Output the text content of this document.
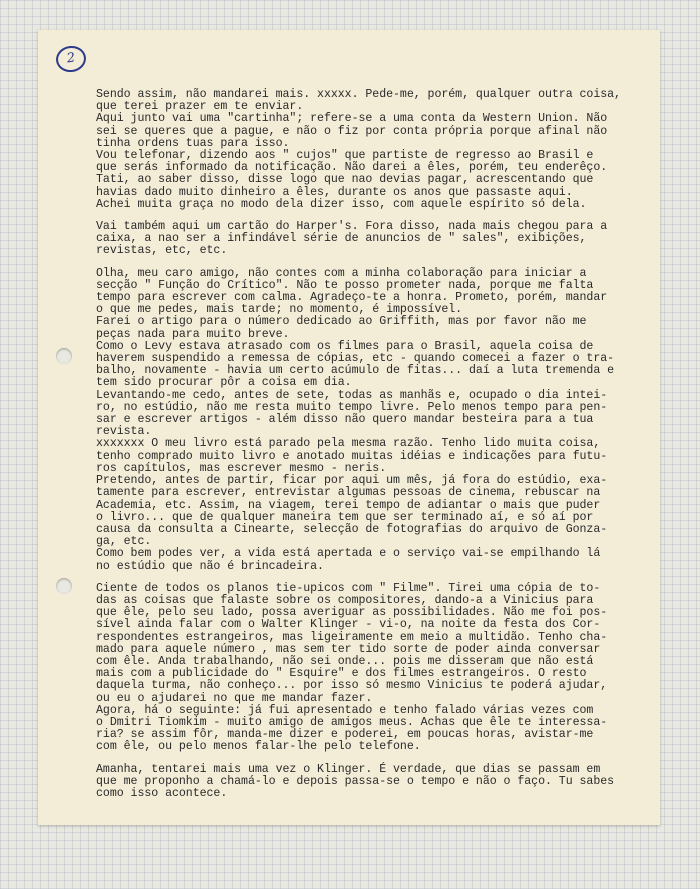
2
Sendo assim, não mandarei mais. xxxxx. Pede-me, porém, qualquer outra coisa,
que terei prazer em te enviar.
Aqui junto vai uma "cartinha"; refere-se a uma conta da Western Union. Não
sei se queres que a pague, e não o fiz por conta própria porque afinal não
tinha ordens tuas para isso.
Vou telefonar, dizendo aos " cujos" que partiste de regresso ao Brasil e
que serás informado da notificação. Não darei a êles, porém, teu enderêço.
Tati, ao saber disso, disse logo que nao devias pagar, acrescentando que
havias dado muito dinheiro a êles, durante os anos que passaste aqui.
Achei muita graça no modo dela dizer isso, com aquele espírito só dela.
Vai também aqui um cartão do Harper's. Fora disso, nada mais chegou para a
caixa, a nao ser a infindável série de anuncios de " sales", exibições,
revistas, etc, etc.
Olha, meu caro amigo, não contes com a minha colaboração para iniciar a
secção " Função do Crítico". Não te posso prometer nada, porque me falta
tempo para escrever com calma. Agradeço-te a honra. Prometo, porém, mandar
o que me pedes, mais tarde; no momento, é impossível.
Farei o artigo para o número dedicado ao Griffith, mas por favor não me
peças nada para muito breve.
Como o Levy estava atrasado com os filmes para o Brasil, aquela coisa de
haverem suspendido a remessa de cópias, etc - quando comecei a fazer o tra-
balho, novamente - havia um certo acúmulo de fitas... daí a luta tremenda e
tem sido procurar pôr a coisa em dia.
Levantando-me cedo, antes de sete, todas as manhãs e, ocupado o dia intei-
ro, no estúdio, não me resta muito tempo livre. Pelo menos tempo para pen-
sar e escrever artigos - além disso não quero mandar besteira para a tua
revista.
xxxxxxx O meu livro está parado pela mesma razão. Tenho lido muita coisa,
tenho comprado muito livro e anotado muitas idéias e indicações para futu-
ros capítulos, mas escrever mesmo - neris.
Pretendo, antes de partir, ficar por aqui um mês, já fora do estúdio, exa-
tamente para escrever, entrevistar algumas pessoas de cinema, rebuscar na
Academia, etc. Assim, na viagem, terei tempo de adiantar o mais que puder
o livro... que de qualquer maneira tem que ser terminado aí, e só aí por
causa da consulta a Cinearte, selecção de fotografias do arquivo de Gonza-
ga, etc.
Como bem podes ver, a vida está apertada e o serviço vai-se empilhando lá
no estúdio que não é brincadeira.
Ciente de todos os planos tie-upicos com " Filme". Tirei uma cópia de to-
das as coisas que falaste sobre os compositores, dando-a a Vinicius para
que êle, pelo seu lado, possa averiguar as possibilidades. Não me foi pos-
sível ainda falar com o Walter Klinger - vi-o, na noite da festa dos Cor-
respondentes estrangeiros, mas ligeiramente em meio a multidão. Tenho cha-
mado para aquele número , mas sem ter tido sorte de poder ainda conversar
com êle. Anda trabalhando, não sei onde... pois me disseram que não está
mais com a publicidade do " Esquire" e dos filmes estrangeiros. O resto
daquela turma, não conheço... por isso só mesmo Vinicius te poderá ajudar,
ou eu o ajudarei no que me mandar fazer.
Agora, há o seguinte: já fui apresentado e tenho falado várias vezes com
o Dmitri Tiomkim - muito amigo de amigos meus. Achas que êle te interessa-
ria? se assim fôr, manda-me dizer e poderei, em poucas horas, avistar-me
com êle, ou pelo menos falar-lhe pelo telefone.
Amanha, tentarei mais uma vez o Klinger. É verdade, que dias se passam em
que me proponho a chamá-lo e depois passa-se o tempo e não o faço. Tu sabes
como isso acontece.
